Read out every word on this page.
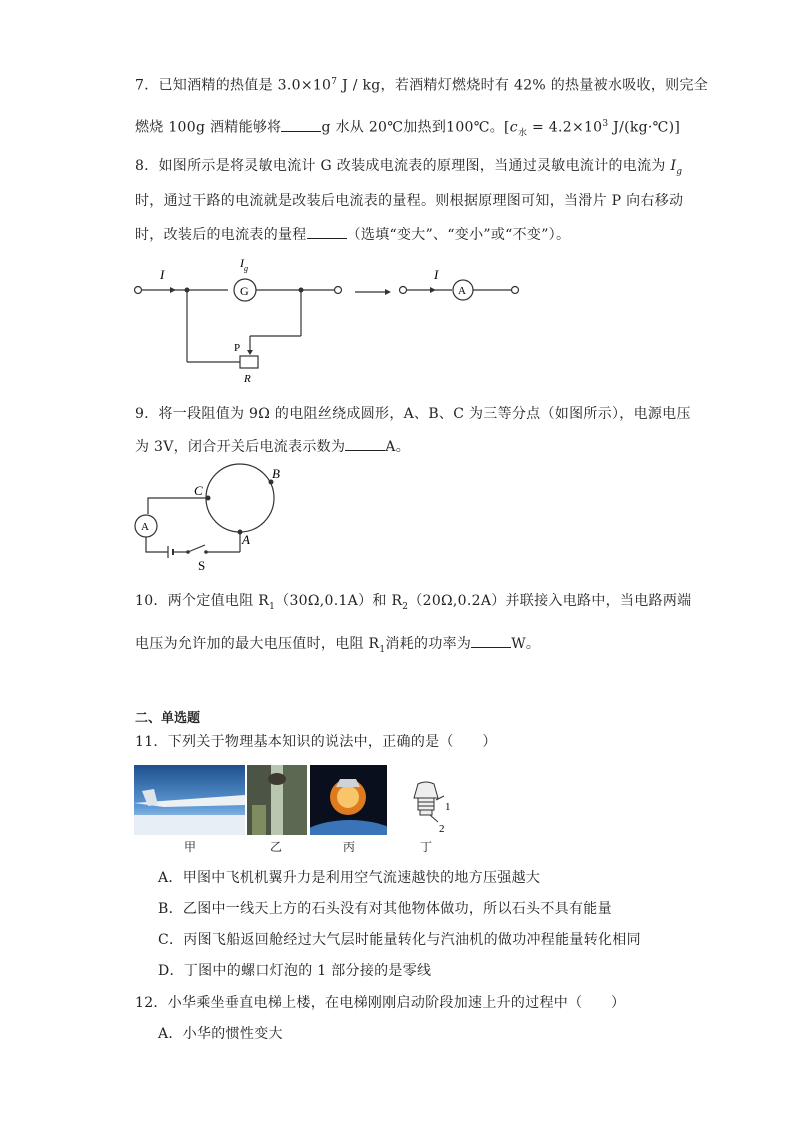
7．已知酒精的热值是 $3.0\times 10^7$ J / kg，若酒精灯燃烧时有 42% 的热量被水吸收，则完全
燃烧 100g 酒精能够将	g 水从 20℃加热到100℃。[$c_水 = 4.2\times 10^3$ J/(kg·℃)]
8．如图所示是将灵敏电流计 G 改装成电流表的原理图，当通过灵敏电流计的电流为 $I_g$
时，通过干路的电流就是改装后电流表的量程。则根据原理图可知，当滑片 P 向右移动
时，改装后的电流表的量程	（选填“变大”、“变小”或“不变”）。
I
$I_g$
G
P
R
I
A
9．将一段阻值为 9Ω 的电阻丝绕成圆形，A、B、C 为三等分点（如图所示），电源电压
为 3V，闭合开关后电流表示数为	A。
A
B
C
A
S
10．两个定值电阻 $R_1(30\Omega,0.1A)$和 $R_2(20\Omega,0.2A)$并联接入电路中，当电路两端
电压为允许加的最大电压值时，电阻 $R_1$消耗的功率为	W。
二、单选题
11．下列关于物理基本知识的说法中，正确的是（　　）
1
2
甲	乙	丙	丁
A．甲图中飞机机翼升力是利用空气流速越快的地方压强越大
B．乙图中一线天上方的石头没有对其他物体做功，所以石头不具有能量
C．丙图飞船返回舱经过大气层时能量转化与汽油机的做功冲程能量转化相同
D．丁图中的螺口灯泡的 1 部分接的是零线
12．小华乘坐垂直电梯上楼，在电梯刚刚启动阶段加速上升的过程中（　　）
A．小华的惯性变大
